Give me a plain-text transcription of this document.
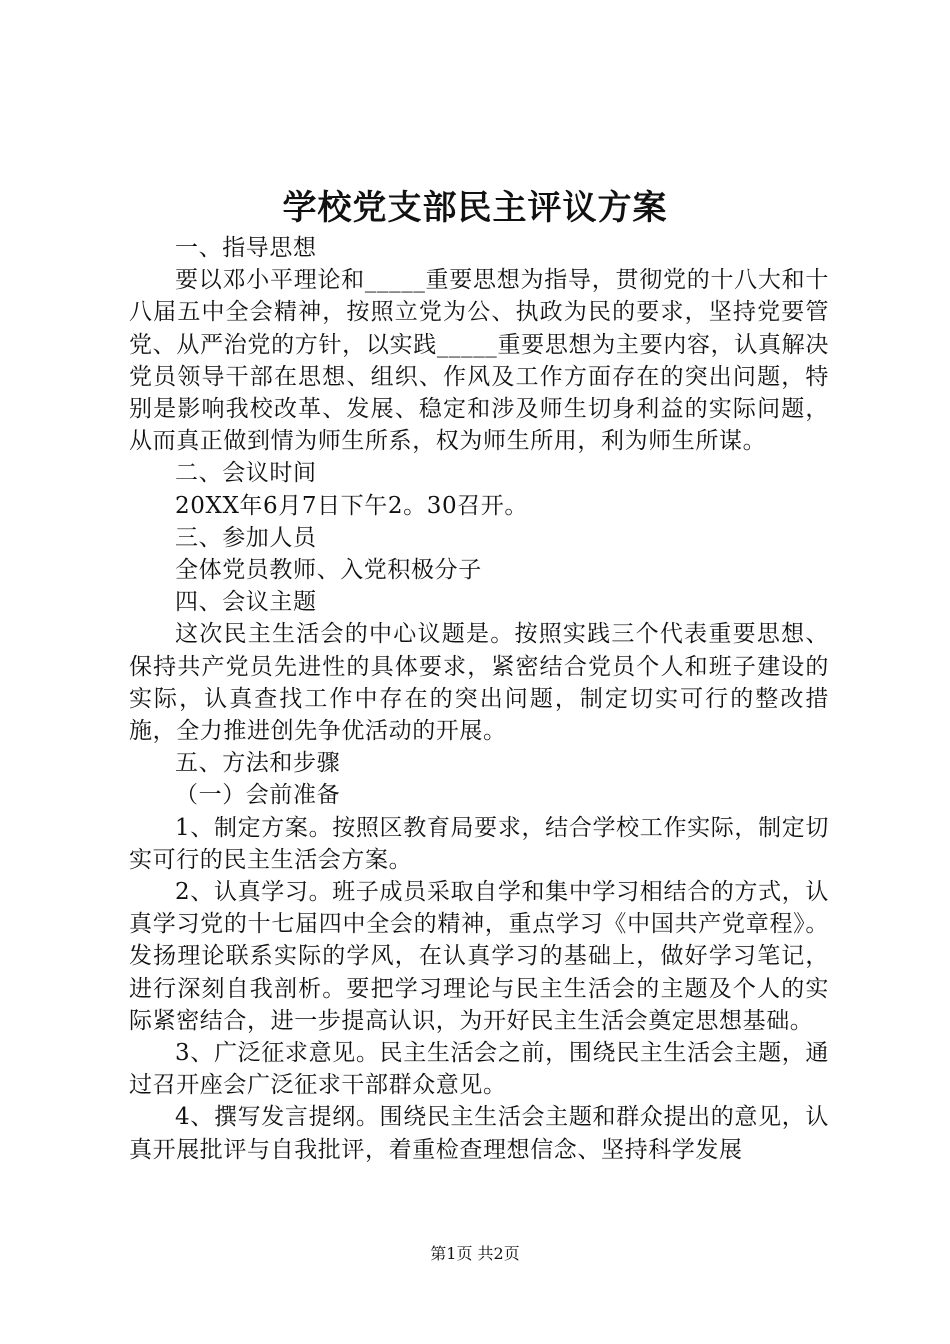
学校党支部民主评议方案

一、指导思想

要以邓小平理论和_____重要思想为指导，贯彻党的十八大和十八届五中全会精神，按照立党为公、执政为民的要求，坚持党要管党、从严治党的方针，以实践_____重要思想为主要内容，认真解决党员领导干部在思想、组织、作风及工作方面存在的突出问题，特别是影响我校改革、发展、稳定和涉及师生切身利益的实际问题，从而真正做到情为师生所系，权为师生所用，利为师生所谋。

二、会议时间

20XX年6月7日下午2。30召开。

三、参加人员

全体党员教师、入党积极分子

四、会议主题

这次民主生活会的中心议题是。按照实践三个代表重要思想、保持共产党员先进性的具体要求，紧密结合党员个人和班子建设的实际，认真查找工作中存在的突出问题，制定切实可行的整改措施，全力推进创先争优活动的开展。

五、方法和步骤

（一）会前准备

1、制定方案。按照区教育局要求，结合学校工作实际，制定切实可行的民主生活会方案。

2、认真学习。班子成员采取自学和集中学习相结合的方式，认真学习党的十七届四中全会的精神，重点学习《中国共产党章程》。发扬理论联系实际的学风，在认真学习的基础上，做好学习笔记，进行深刻自我剖析。要把学习理论与民主生活会的主题及个人的实际紧密结合，进一步提高认识，为开好民主生活会奠定思想基础。

3、广泛征求意见。民主生活会之前，围绕民主生活会主题，通过召开座会广泛征求干部群众意见。

4、撰写发言提纲。围绕民主生活会主题和群众提出的意见，认真开展批评与自我批评，着重检查理想信念、坚持科学发展

第1页 共2页
